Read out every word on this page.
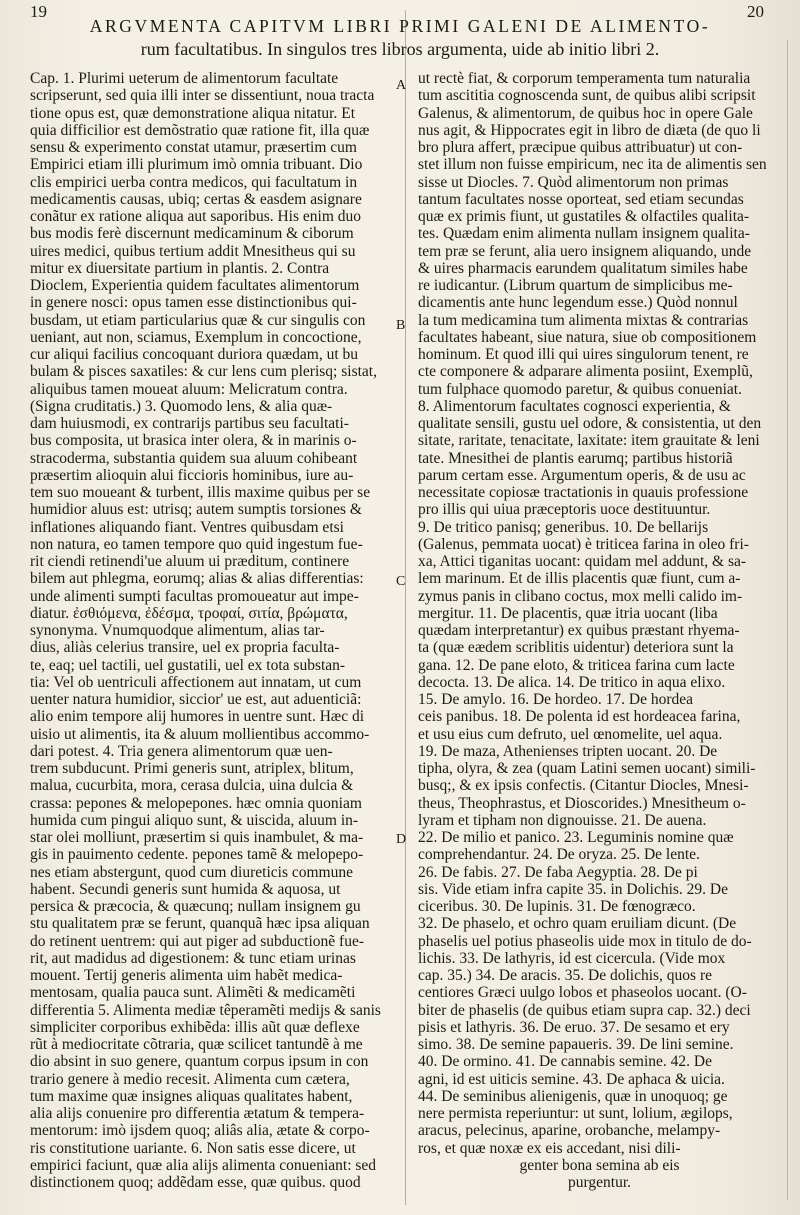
19	20
ARGVMENTA CAPITVM LIBRI PRIMI GALENI DE ALIMENTO-
rum facultatibus. In singulos tres libros argumenta, uide ab initio libri 2.
A
B
C
D
Cap. 1. Plurimi ueterum de alimentorum facultate
scripserunt, sed quia illi inter se dissentiunt, noua tracta
tione opus est, quæ demonstratione aliqua nitatur. Et
quia difficilior est demõstratio quæ ratione fit, illa quæ
sensu & experimento constat utamur, præsertim cum
Empirici etiam illi plurimum imò omnia tribuant. Dio
clis empirici uerba contra medicos, qui facultatum in
medicamentis causas, ubiq; certas & easdem asignare
conãtur ex ratione aliqua aut saporibus. His enim duo
bus modis ferè discernunt medicaminum & ciborum
uires medici, quibus tertium addit Mnesitheus qui su
mitur ex diuersitate partium in plantis. 2. Contra
Dioclem, Experientia quidem facultates alimentorum
in genere nosci: opus tamen esse distinctionibus qui-
busdam, ut etiam particularius quæ & cur singulis con
ueniant, aut non, sciamus, Exemplum in concoctione,
cur aliqui facilius concoquant duriora quædam, ut bu
bulam & pisces saxatiles: & cur lens cum plerisq; sistat,
aliquibus tamen moueat aluum: Melicratum contra.
(Signa cruditatis.) 3. Quomodo lens, & alia quæ-
dam huiusmodi, ex contrarijs partibus seu facultati-
bus composita, ut brasica inter olera, & in marinis o-
stracoderma, substantia quidem sua aluum cohibeant
præsertim alioquin alui ficcioris hominibus, iure au-
tem suo moueant & turbent, illis maxime quibus per se
humidior aluus est: utrisq; autem sumptis torsiones &
inflationes aliquando fiant. Ventres quibusdam etsi
non natura, eo tamen tempore quo quid ingestum fue-
rit ciendi retinendi'ue aluum ui præditum, continere
bilem aut phlegma, eorumq; alias & alias differentias:
unde alimenti sumpti facultas promoueatur aut impe-
diatur. ἐσθιόμενα, ἐδέσμα, τροφαί, σιτία, βρώματα,
synonyma. Vnumquodque alimentum, alias tar-
dius, aliàs celerius transire, uel ex propria faculta-
te, eaq; uel tactili, uel gustatili, uel ex tota substan-
tia: Vel ob uentriculi affectionem aut innatam, ut cum
uenter natura humidior, siccior' ue est, aut aduenticiã:
alio enim tempore alij humores in uentre sunt. Hæc di
uisio ut alimentis, ita & aluum mollientibus accommo-
dari potest. 4. Tria genera alimentorum quæ uen-
trem subducunt. Primi generis sunt, atriplex, blitum,
malua, cucurbita, mora, cerasa dulcia, uina dulcia &
crassa: pepones & melopepones. hæc omnia quoniam
humida cum pingui aliquo sunt, & uiscida, aluum in-
star olei molliunt, præsertim si quis inambulet, & ma-
gis in pauimento cedente. pepones tamẽ & melopepo-
nes etiam abstergunt, quod cum diureticis commune
habent. Secundi generis sunt humida & aquosa, ut
persica & præcocia, & quæcunq; nullam insignem gu
stu qualitatem præ se ferunt, quanquã hæc ipsa aliquan
do retinent uentrem: qui aut piger ad subductionẽ fue-
rit, aut madidus ad digestionem: & tunc etiam urinas
mouent. Tertij generis alimenta uim habẽt medica-
mentosam, qualia pauca sunt. Alimẽti & medicamẽti
differentia 5. Alimenta mediæ têperamẽti medijs & sanis
simpliciter corporibus exhibẽda: illis aũt quæ deflexe
rũt à mediocritate cõtraria, quæ scilicet tantundẽ à me
dio absint in suo genere, quantum corpus ipsum in con
trario genere à medio recesit. Alimenta cum cætera,
tum maxime quæ insignes aliquas qualitates habent,
alia alijs conuenire pro differentia ætatum & tempera-
mentorum: imò ijsdem quoq; aliâs alia, ætate & corpo-
ris constitutione uariante. 6. Non satis esse dicere, ut
empirici faciunt, quæ alia alijs alimenta conueniant: sed
distinctionem quoq; addẽdam esse, quæ quibus. quod
ut rectè fiat, & corporum temperamenta tum naturalia
tum ascititia cognoscenda sunt, de quibus alibi scripsit
Galenus, & alimentorum, de quibus hoc in opere Gale
nus agit, & Hippocrates egit in libro de diæta (de quo li
bro plura affert, præcipue quibus attribuatur) ut con-
stet illum non fuisse empiricum, nec ita de alimentis sen
sisse ut Diocles. 7. Quòd alimentorum non primas
tantum facultates nosse oporteat, sed etiam secundas
quæ ex primis fiunt, ut gustatiles & olfactiles qualita-
tes. Quædam enim alimenta nullam insignem qualita-
tem præ se ferunt, alia uero insignem aliquando, unde
& uires pharmacis earundem qualitatum similes habe
re iudicantur. (Librum quartum de simplicibus me-
dicamentis ante hunc legendum esse.) Quòd nonnul
la tum medicamina tum alimenta mixtas & contrarias
facultates habeant, siue natura, siue ob compositionem
hominum. Et quod illi qui uires singulorum tenent, re
cte componere & adparare alimenta posiint, Exemplũ,
tum fulphace quomodo paretur, & quibus conueniat.
8. Alimentorum facultates cognosci experientia, &
qualitate sensili, gustu uel odore, & consistentia, ut den
sitate, raritate, tenacitate, laxitate: item grauitate & leni
tate. Mnesithei de plantis earumq; partibus historiã
parum certam esse. Argumentum operis, & de usu ac
necessitate copiosæ tractationis in quauis professione
pro illis qui uiua præceptoris uoce destituuntur.
9. De tritico panisq; generibus. 10. De bellarijs
(Galenus, pemmata uocat) è triticea farina in oleo fri-
xa, Attici tiganitas uocant: quidam mel addunt, & sa-
lem marinum. Et de illis placentis quæ fiunt, cum a-
zymus panis in clibano coctus, mox melli calido im-
mergitur. 11. De placentis, quæ itria uocant (liba
quædam interpretantur) ex quibus præstant rhyema-
ta (quæ eædem scriblitis uidentur) deteriora sunt la
gana. 12. De pane eloto, & triticea farina cum lacte
decocta. 13. De alica. 14. De tritico in aqua elixo.
15. De amylo. 16. De hordeo. 17. De hordea
ceis panibus. 18. De polenta id est hordeacea farina,
et usu eius cum defruto, uel œnomelite, uel aqua.
19. De maza, Athenienses tripten uocant. 20. De
tipha, olyra, & zea (quam Latini semen uocant) simili-
busq;, & ex ipsis confectis. (Citantur Diocles, Mnesi-
theus, Theophrastus, et Dioscorides.) Mnesitheum o-
lyram et tipham non dignouisse. 21. De auena.
22. De milio et panico. 23. Leguminis nomine quæ
comprehendantur. 24. De oryza. 25. De lente.
26. De fabis. 27. De faba Aegyptia. 28. De pi
sis. Vide etiam infra capite 35. in Dolichis. 29. De
ciceribus. 30. De lupinis. 31. De fœnogræco.
32. De phaselo, et ochro quam eruiliam dicunt. (De
phaselis uel potius phaseolis uide mox in titulo de do-
lichis. 33. De lathyris, id est cicercula. (Vide mox
cap. 35.) 34. De aracis. 35. De dolichis, quos re
centiores Græci uulgo lobos et phaseolos uocant. (O-
biter de phaselis (de quibus etiam supra cap. 32.) deci
pisis et lathyris. 36. De eruo. 37. De sesamo et ery
simo. 38. De semine papaueris. 39. De lini semine.
40. De ormino. 41. De cannabis semine. 42. De
agni, id est uiticis semine. 43. De aphaca & uicia.
44. De seminibus alienigenis, quæ in unoquoq; ge
nere permista reperiuntur: ut sunt, lolium, ægilops,
aracus, pelecinus, aparine, orobanche, melampy-
ros, et quæ noxæ ex eis accedant, nisi dili-
genter bona semina ab eis
purgentur.
